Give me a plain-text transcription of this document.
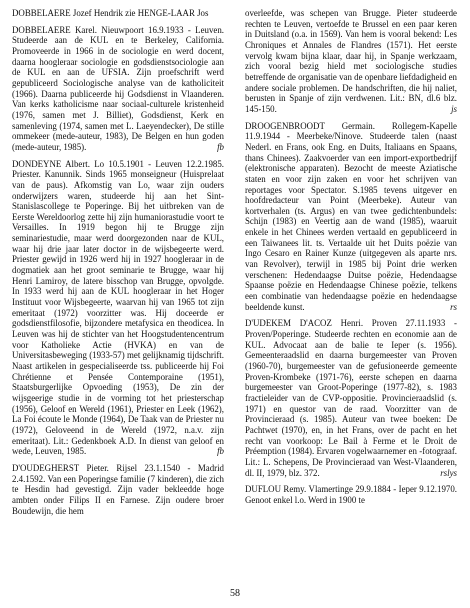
DOBBELAERE Jozef Hendrik zie HENGE-LAAR Jos

DOBBELAERE Karel. Nieuwpoort 16.9.1933 - Leuven. Studeerde aan de KUL en te Berkeley, California. Promoveerde in 1966 in de sociologie en werd docent, daarna hoogleraar sociologie en godsdienstsociologie aan de KUL en aan de UFSIA. Zijn proefschrift werd gepubliceerd Sociologische analyse van de katholiciteit (1966). Daarna publiceerde hij Godsdienst in Vlaanderen. Van kerks katholicisme naar sociaal-culturele kristenheid (1976, samen met J. Billiet), Godsdienst, Kerk en samenleving (1974, samen met L. Laeyendecker), De stille ommekeer (mede-auteur, 1983), De Belgen en hun goden (mede-auteur, 1985).	fb

DONDEYNE Albert. Lo 10.5.1901 - Leuven 12.2.1985. Priester. Kanunnik. Sinds 1965 monseigneur (Huisprelaat van de paus). Afkomstig van Lo, waar zijn ouders onderwijzers waren, studeerde hij aan het Sint-Stanislascollege te Poperinge. Bij het uitbreken van de Eerste Wereldoorlog zette hij zijn humaniorastudie voort te Versailles. In 1919 begon hij te Brugge zijn seminariestudie, maar werd doorgezonden naar de KUL, waar hij drie jaar later doctor in de wijsbegeerte werd. Priester gewijd in 1926 werd hij in 1927 hoogleraar in de dogmatiek aan het groot seminarie te Brugge, waar hij Henri Lamiroy, de latere bisschop van Brugge, opvolgde. In 1933 werd hij aan de KUL hoogleraar in het Hoger Instituut voor Wijsbegeerte, waarvan hij van 1965 tot zijn emeritaat (1972) voorzitter was. Hij doceerde er godsdienstfilosofie, bijzondere metafysica en theodicea. In Leuven was hij de stichter van het Hoogstudentencentrum voor Katholieke Actie (HVKA) en van de Universitasbeweging (1933-57) met gelijknamig tijdschrift. Naast artikelen in gespecialiseerde tss. publiceerde hij Foi Chrétienne et Pensée Contemporaine (1951), Staatsburgerlijke Opvoeding (1953), De zin der wijsgeerige studie in de vorming tot het priesterschap (1956), Geloof en Wereld (1961), Priester en Leek (1962), La Foi écoute le Monde (1964), De Taak van de Priester nu (1972), Geloveend in de Wereld (1972, n.a.v. zijn emeritaat). Lit.: Gedenkboek A.D. In dienst van geloof en wede, Leuven, 1985.	fb

D'OUDEGHERST Pieter. Rijsel 23.1.1540 - Madrid 2.4.1592. Van een Poperingse familie (7 kinderen), die zich te Hesdin had gevestigd. Zijn vader bekleedde hoge ambten onder Filips II en Farnese. Zijn oudere broer Boudewijn, die hem

overleefde, was schepen van Brugge. Pieter studeerde rechten te Leuven, vertoefde te Brussel en een paar keren in Duitsland (o.a. in 1569). Van hem is vooral bekend: Les Chroniques et Annales de Flandres (1571). Het eerste vervolg kwam bijna klaar, daar hij, in Spanje werkzaam, zich vooral bezig hield met sociologische studies betreffende de organisatie van de openbare liefdadigheid en andere sociale problemen. De handschriften, die hij naliet, berusten in Spanje of zijn verdwenen. Lit.: BN, dl.6 blz. 145-150.	js

DROOGENBROODT Germain. Rollegem-Kapelle 11.9.1944 - Meerbeke/Ninove. Studeerde talen (naast Nederl. en Frans, ook Eng. en Duits, Italiaans en Spaans, thans Chinees). Zaakvoerder van een import-exportbedrijf (elektronische apparaten). Bezocht de meeste Aziatische staten en voor zijn zaken en voor het schrijven van reportages voor Spectator. S.1985 tevens uitgever en hoofdredacteur van Point (Meerbeke). Auteur van kortverhalen (ts. Argus) en van twee gedichtenbundels: Schijn (1983) en Veertig aan de wand (1985), waaruit enkele in het Chinees werden vertaald en gepubliceerd in een Taiwanees lit. ts. Vertaalde uit het Duits poëzie van Ingo Cesaro en Rainer Kunze (uitgegeven als aparte nrs. van Revolver), terwijl in 1985 bij Point drie werken verschenen: Hedendaagse Duitse poëzie, Hedendaagse Spaanse poëzie en Hedendaagse Chinese poëzie, telkens een combinatie van hedendaagse poëzie en hedendaagse beeldende kunst.	rs

D'UDEKEM D'ACOZ Henri. Proven 27.11.1933 - Proven/Poperinge. Studeerde rechten en economie aan de KUL. Advocaat aan de balie te Ieper (s. 1956). Gemeenteraadslid en daarna burgemeester van Proven (1960-70), burgemeester van de gefusioneerde gemeente Proven-Krombeke (1971-76), eerste schepen en daarna burgemeester van Groot-Poperinge (1977-82), s. 1983 fractieleider van de CVP-oppositie. Provincieraadslid (s. 1971) en questor van de raad. Voorzitter van de Provincieraad (s. 1985). Auteur van twee boeken: De Pachtwet (1970), en, in het Frans, over de pacht en het recht van voorkoop: Le Bail à Ferme et le Droit de Préemption (1984). Ervaren vogelwaarnemer en -fotograaf. Lit.: L. Schepens, De Provincieraad van West-Vlaanderen, dl. II, 1979, blz. 372.	rslys

DUFLOU Remy. Vlamertinge 29.9.1884 - Ieper 9.12.1970. Genoot enkel l.o. Werd in 1900 te

58
